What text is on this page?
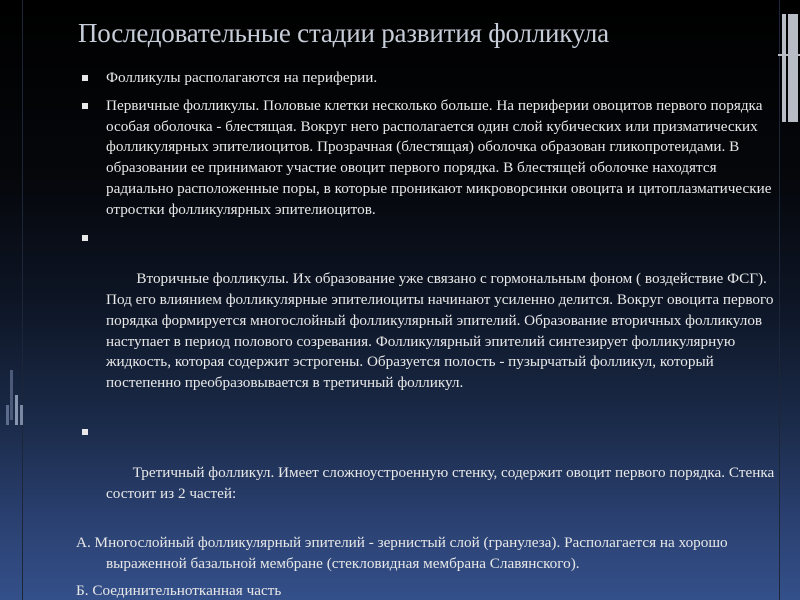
Последовательные стадии развития фолликула
Фолликулы располагаются на периферии.
Первичные фолликулы. Половые клетки несколько больше. На периферии овоцитов первого порядка особая оболочка - блестящая. Вокруг него располагается один слой кубических или призматических фолликулярных эпителиоцитов. Прозрачная (блестящая) оболочка образован гликопротеидами. В образовании ее принимают участие овоцит первого порядка. В блестящей оболочке находятся радиально расположенные поры, в которые проникают микроворсинки овоцита и цитоплазматические отростки фолликулярных эпителиоцитов.

Вторичные фолликулы. Их образование уже связано с гормональным фоном ( воздействие ФСГ). Под его влиянием фолликулярные эпителиоциты начинают усиленно делится. Вокруг овоцита первого порядка формируется многослойный фолликулярный эпителий. Образование вторичных фолликулов наступает в период полового созревания. Фолликулярный эпителий синтезирует фолликулярную жидкость, которая содержит эстрогены. Образуется полость - пузырчатый фолликул, который постепенно преобразовывается в третичный фолликул.

Третичный фолликул. Имеет сложноустроенную стенку, содержит овоцит первого порядка. Стенка состоит из 2 частей:

А. Многослойный фолликулярный эпителий - зернистый слой (гранулеза). Располагается на хорошо выраженной базальной мембране (стекловидная мембрана Славянского).
Б. Соединительнотканная часть
